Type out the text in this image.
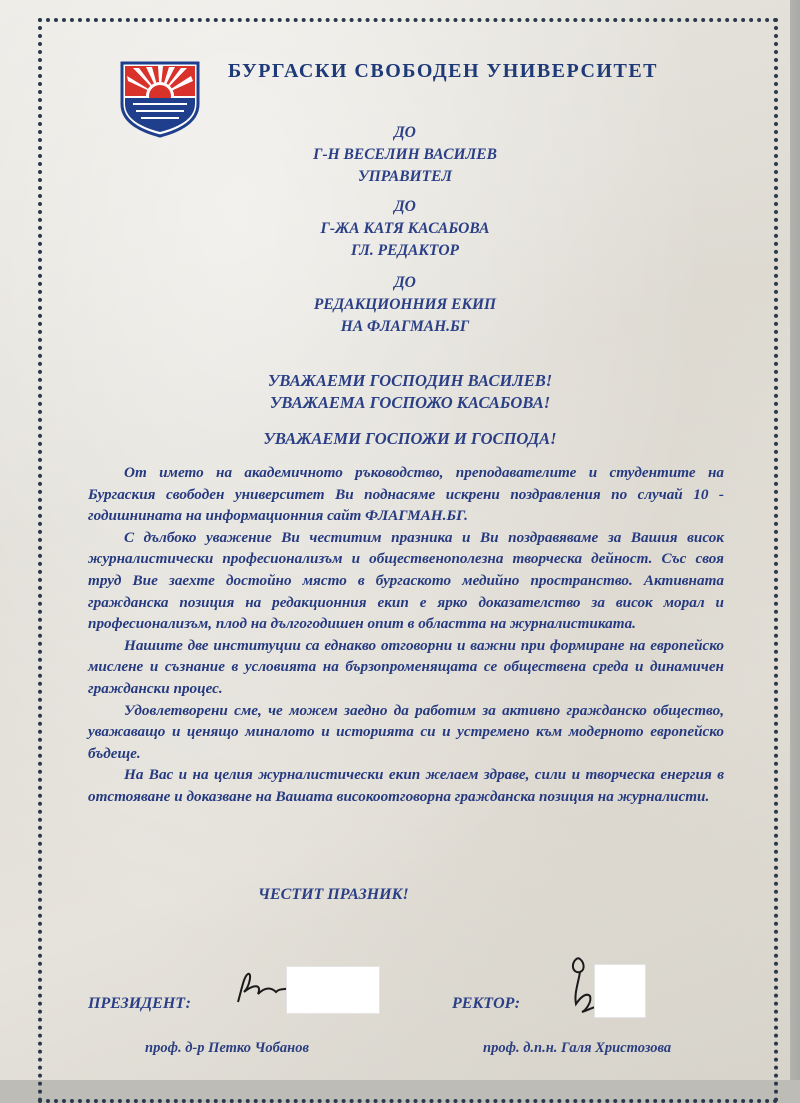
БУРГАСКИ СВОБОДЕН УНИВЕРСИТЕТ
ДО
Г-Н ВЕСЕЛИН ВАСИЛЕВ
УПРАВИТЕЛ
ДО
Г-ЖА КАТЯ КАСАБОВА
ГЛ. РЕДАКТОР
ДО
РЕДАКЦИОННИЯ ЕКИП
НА ФЛАГМАН.БГ
УВАЖАЕМИ ГОСПОДИН ВАСИЛЕВ!
УВАЖАЕМА ГОСПОЖО КАСАБОВА!
УВАЖАЕМИ ГОСПОЖИ И ГОСПОДА!

От името на академичното ръководство, преподавателите и студентите на Бургаския свободен университет Ви поднасяме искрени поздравления по случай 10 - годишнината на информационния сайт ФЛАГМАН.БГ.

С дълбоко уважение Ви честитим празника и Ви поздравяваме за Вашия висок журналистически професионализъм и общественополезна творческа дейност. Със своя труд Вие заехте достойно място в бургаското медийно пространство. Активната гражданска позиция на редакционния екип е ярко доказателство за висок морал и професионализъм, плод на дългогодишен опит в областта на журналистиката.

Нашите две институции са еднакво отговорни и важни при формиране на европейско мислене и съзнание в условията на бързопроменящата се обществена среда и динамичен граждански процес.

Удовлетворени сме, че можем заедно да работим за активно гражданско общество, уважаващо и ценящо миналото и историята си и устремено към модерното европейско бъдеще.

На Вас и на целия журналистически екип желаем здраве, сили и творческа енергия в отстояване и доказване на Вашата високоотговорна гражданска позиция на журналисти.

ЧЕСТИТ ПРАЗНИК!
ПРЕЗИДЕНТ:	РЕКТОР:
проф. д-р Петко Чобанов	проф. д.п.н. Галя Христозова
